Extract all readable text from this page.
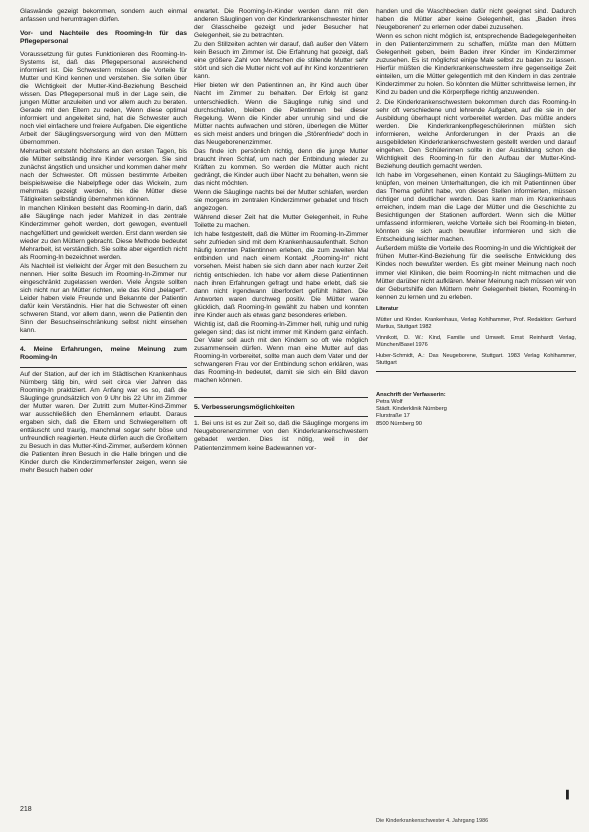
Glaswände gezeigt bekommen, sondern auch einmal anfassen und herumtragen dürfen.

Vor- und Nachteile des Rooming-In für das Pflegepersonal

Voraussetzung für gutes Funktionieren des Rooming-In-Systems ist, daß das Pflegepersonal ausreichend informiert ist. Die Schwestern müssen die Vorteile für Mutter und Kind kennen und verstehen. Sie sollen über die Wichtigkeit der Mutter-Kind-Beziehung Bescheid wissen. Das Pflegepersonal muß in der Lage sein, die jungen Mütter anzuleiten und vor allem auch zu beraten. Gerade mit den Eltern zu reden, Wenn diese optimal informiert und angeleitet sind, hat die Schwester auch noch viel einfachere und freiere Aufgaben. Die eigentliche Arbeit der Säuglingsversorgung wird von den Müttern übernommen.

Mehrarbeit entsteht höchstens an den ersten Tagen, bis die Mütter selbständig ihre Kinder versorgen. Sie sind zunächst ängstlich und unsicher und kommen daher mehr nach der Schwester. Oft müssen bestimmte Arbeiten beispielsweise die Nabelpflege oder das Wickeln, zum mehrmals gezeigt werden, bis die Mütter diese Tätigkeiten selbständig übernehmen können.

In manchen Kliniken besteht das Rooming-In darin, daß alle Säuglinge nach jeder Mahlzeit in das zentrale Kinderzimmer geholt werden, dort gewogen, eventuell nachgefüttert und gewickelt werden. Erst dann werden sie wieder zu den Müttern gebracht. Diese Methode bedeutet Mehrarbeit, ist verständlich. Sie sollte aber eigentlich nicht als Rooming-In bezeichnet werden.

Als Nachteil ist vielleicht der Ärger mit den Besuchern zu nennen. Hier sollte Besuch im Rooming-In-Zimmer nur eingeschränkt zugelassen werden. Viele Ängste sollten sich nicht nur an Mütter richten, wie das Kind „belagert“. Leider haben viele Freunde und Bekannte der Patientin dafür kein Verständnis. Hier hat die Schwester oft einen schweren Stand, vor allem dann, wenn die Patientin den Sinn der Besuchseinschränkung selbst nicht einsehen kann.

4. Meine Erfahrungen, meine Meinung zum Rooming-In

Auf der Station, auf der ich im Städtischen Krankenhaus Nürnberg tätig bin, wird seit circa vier Jahren das Rooming-In praktiziert. Am Anfang war es so, daß die Säuglinge grundsätzlich von 9 Uhr bis 22 Uhr im Zimmer der Mutter waren. Der Zutritt zum Mutter-Kind-Zimmer war ausschließlich den Ehemännern erlaubt. Daraus ergaben sich, daß die Eltern und Schwiegereltern oft enttäuscht und traurig, manchmal sogar sehr böse und unfreundlich reagierten. Heute dürfen auch die Großeltern zu Besuch in das Mutter-Kind-Zimmer, außerdem können die Patienten ihren Besuch in die Halle bringen und die Kinder durch die Kinderzimmerfenster zeigen, wenn sie mehr Besuch haben oder

erwartet. Die Rooming-In-Kinder werden dann mit den anderen Säuglingen von der Kinderkrankenschwester hinter der Glasscheibe gezeigt und jeder Besucher hat Gelegenheit, sie zu betrachten.

Zu den Stillzeiten achten wir darauf, daß außer den Vätern kein Besuch im Zimmer ist. Die Erfahrung hat gezeigt, daß eine größere Zahl von Menschen die stillende Mutter sehr stört und sich die Mutter nicht voll auf ihr Kind konzentrieren kann.

Hier bieten wir den Patientinnen an, ihr Kind auch über Nacht im Zimmer zu behalten. Der Erfolg ist ganz unterschiedlich. Wenn die Säuglinge ruhig sind und durchschlafen, bleiben die Patientinnen bei dieser Regelung. Wenn die Kinder aber unruhig sind und die Mütter nachts aufwachen und stören, überlegen die Mütter es sich meist anders und bringen die „Störenfriede“ doch in das Neugeborenenzimmer.

Das finde ich persönlich richtig, denn die junge Mutter braucht ihren Schlaf, um nach der Entbindung wieder zu Kräften zu kommen. So werden die Mütter auch nicht gedrängt, die Kinder auch über Nacht zu behalten, wenn sie das nicht möchten.

Wenn die Säuglinge nachts bei der Mutter schlafen, werden sie morgens im zentralen Kinderzimmer gebadet und frisch angezogen.

Während dieser Zeit hat die Mutter Gelegenheit, in Ruhe Toilette zu machen.

Ich habe festgestellt, daß die Mütter im Rooming-In-Zimmer sehr zufrieden sind mit dem Krankenhausaufenthalt. Schon häufig konnten Patientinnen erleben, die zum zweiten Mal entbinden und nach einem Kontakt „Rooming-In“ nicht vorsehen. Meist haben sie sich dann aber nach kurzer Zeit richtig entschieden. Ich habe vor allem diese Patientinnen nach ihren Erfahrungen gefragt und habe erlebt, daß sie dann nicht irgendwann überfordert gefühlt hätten. Die Antworten waren durchweg positiv. Die Mütter waren glücklich, daß Rooming-In gewählt zu haben und konnten ihre Kinder auch als etwas ganz besonderes erleben.

Wichtig ist, daß die Rooming-In-Zimmer hell, ruhig und ruhig gelegen sind; das ist nicht immer mit Kindern ganz einfach. Der Vater soll auch mit den Kindern so oft wie möglich zusammensein dürfen. Wenn man eine Mutter auf das Rooming-In vorbereitet, sollte man auch dem Vater und der schwangeren Frau vor der Entbindung schon erklären, was das Rooming-In bedeutet, damit sie sich ein Bild davon machen können.

5. Verbesserungsmöglichkeiten

1. Bei uns ist es zur Zeit so, daß die Säuglinge morgens im Neugeborenenzimmer von den Kinderkrankenschwestern gebadet werden. Dies ist nötig, weil in der Patientenzimmern keine Badewannen vor-

handen und die Waschbecken dafür nicht geeignet sind. Dadurch haben die Mütter aber keine Gelegenheit, das „Baden ihres Neugeborenen“ zu erlernen oder dabei zuzusehen.

Wenn es schon nicht möglich ist, entsprechende Badegelegenheiten in den Patientenzimmern zu schaffen, müßte man den Müttern Gelegenheit geben, beim Baden ihrer Kinder im Kinderzimmer zuzusehen. Es ist möglichst einige Male selbst zu baden zu lassen. Hierfür müßten die Kinderkrankenschwestern ihre gegenseitige Zeit einteilen, um die Mütter gelegentlich mit den Kindern in das zentrale Kinderzimmer zu holen. So könnten die Mütter schrittweise lernen, ihr Kind zu baden und die Körperpflege richtig anzuwenden.

2. Die Kinderkrankenschwestern bekommen durch das Rooming-In sehr oft verschiedene und lehrende Aufgaben, auf die sie in der Ausbildung überhaupt nicht vorbereitet werden. Das müßte anders werden. Die Kinderkrankenpflegeschülerinnen müßten sich informieren, welche Anforderungen in der Praxis an die ausgebildeten Kinderkrankenschwestern gestellt werden und darauf eingehen. Den Schülerinnen sollte in der Ausbildung schon die Wichtigkeit des Rooming-In für den Aufbau der Mutter-Kind-Beziehung deutlich gemacht werden.

Ich habe im Vorgesehenen, einen Kontakt zu Säuglings-Müttern zu knüpfen, von meinen Unterhaltungen, die ich mit Patientinnen über das Thema geführt habe, von diesen Stellen informierten, müssen richtiger und deutlicher werden. Das kann man im Krankenhaus erreichen, indem man die Lage der Mütter und die Geschichte zu Besichtigungen der Stationen auffordert. Wenn sich die Mütter umfassend informieren, welche Vorteile sich bei Rooming-In bieten, könnten sie sich auch bewußter informieren und sich die Entscheidung leichter machen.

Außerdem müßte die Vorteile des Rooming-In und die Wichtigkeit der frühen Mutter-Kind-Beziehung für die seelische Entwicklung des Kindes noch bewußter werden. Es gibt meiner Meinung nach noch immer viel Kliniken, die beim Rooming-In nicht mitmachen und die Mütter darüber nicht aufklären. Meiner Meinung nach müssen wir von der Geburtshilfe den Müttern mehr Gelegenheit bieten, Rooming-In kennen zu lernen und zu erleben.

Literatur

Mütter und Kinder. Krankenhaus, Verlag Kohlhammer, Prof. Redaktion: Gerhard Martius, Stuttgart 1982

Vinnikott, D. W.: Kind, Familie und Umwelt. Ernst Reinhardt Verlag, München/Basel 1976

Huber-Schmidt, A.: Das Neugeborene, Stuttgart. 1983 Verlag Kohlhammer, Stuttgart

Anschrift der Verfasserin:
Petra Wolf
Städt. Kinderklinik Nürnberg
Flurstraße 17
8500 Nürnberg 90
218
Die Kinderkrankenschwester 4. Jahrgang 1986
▌
